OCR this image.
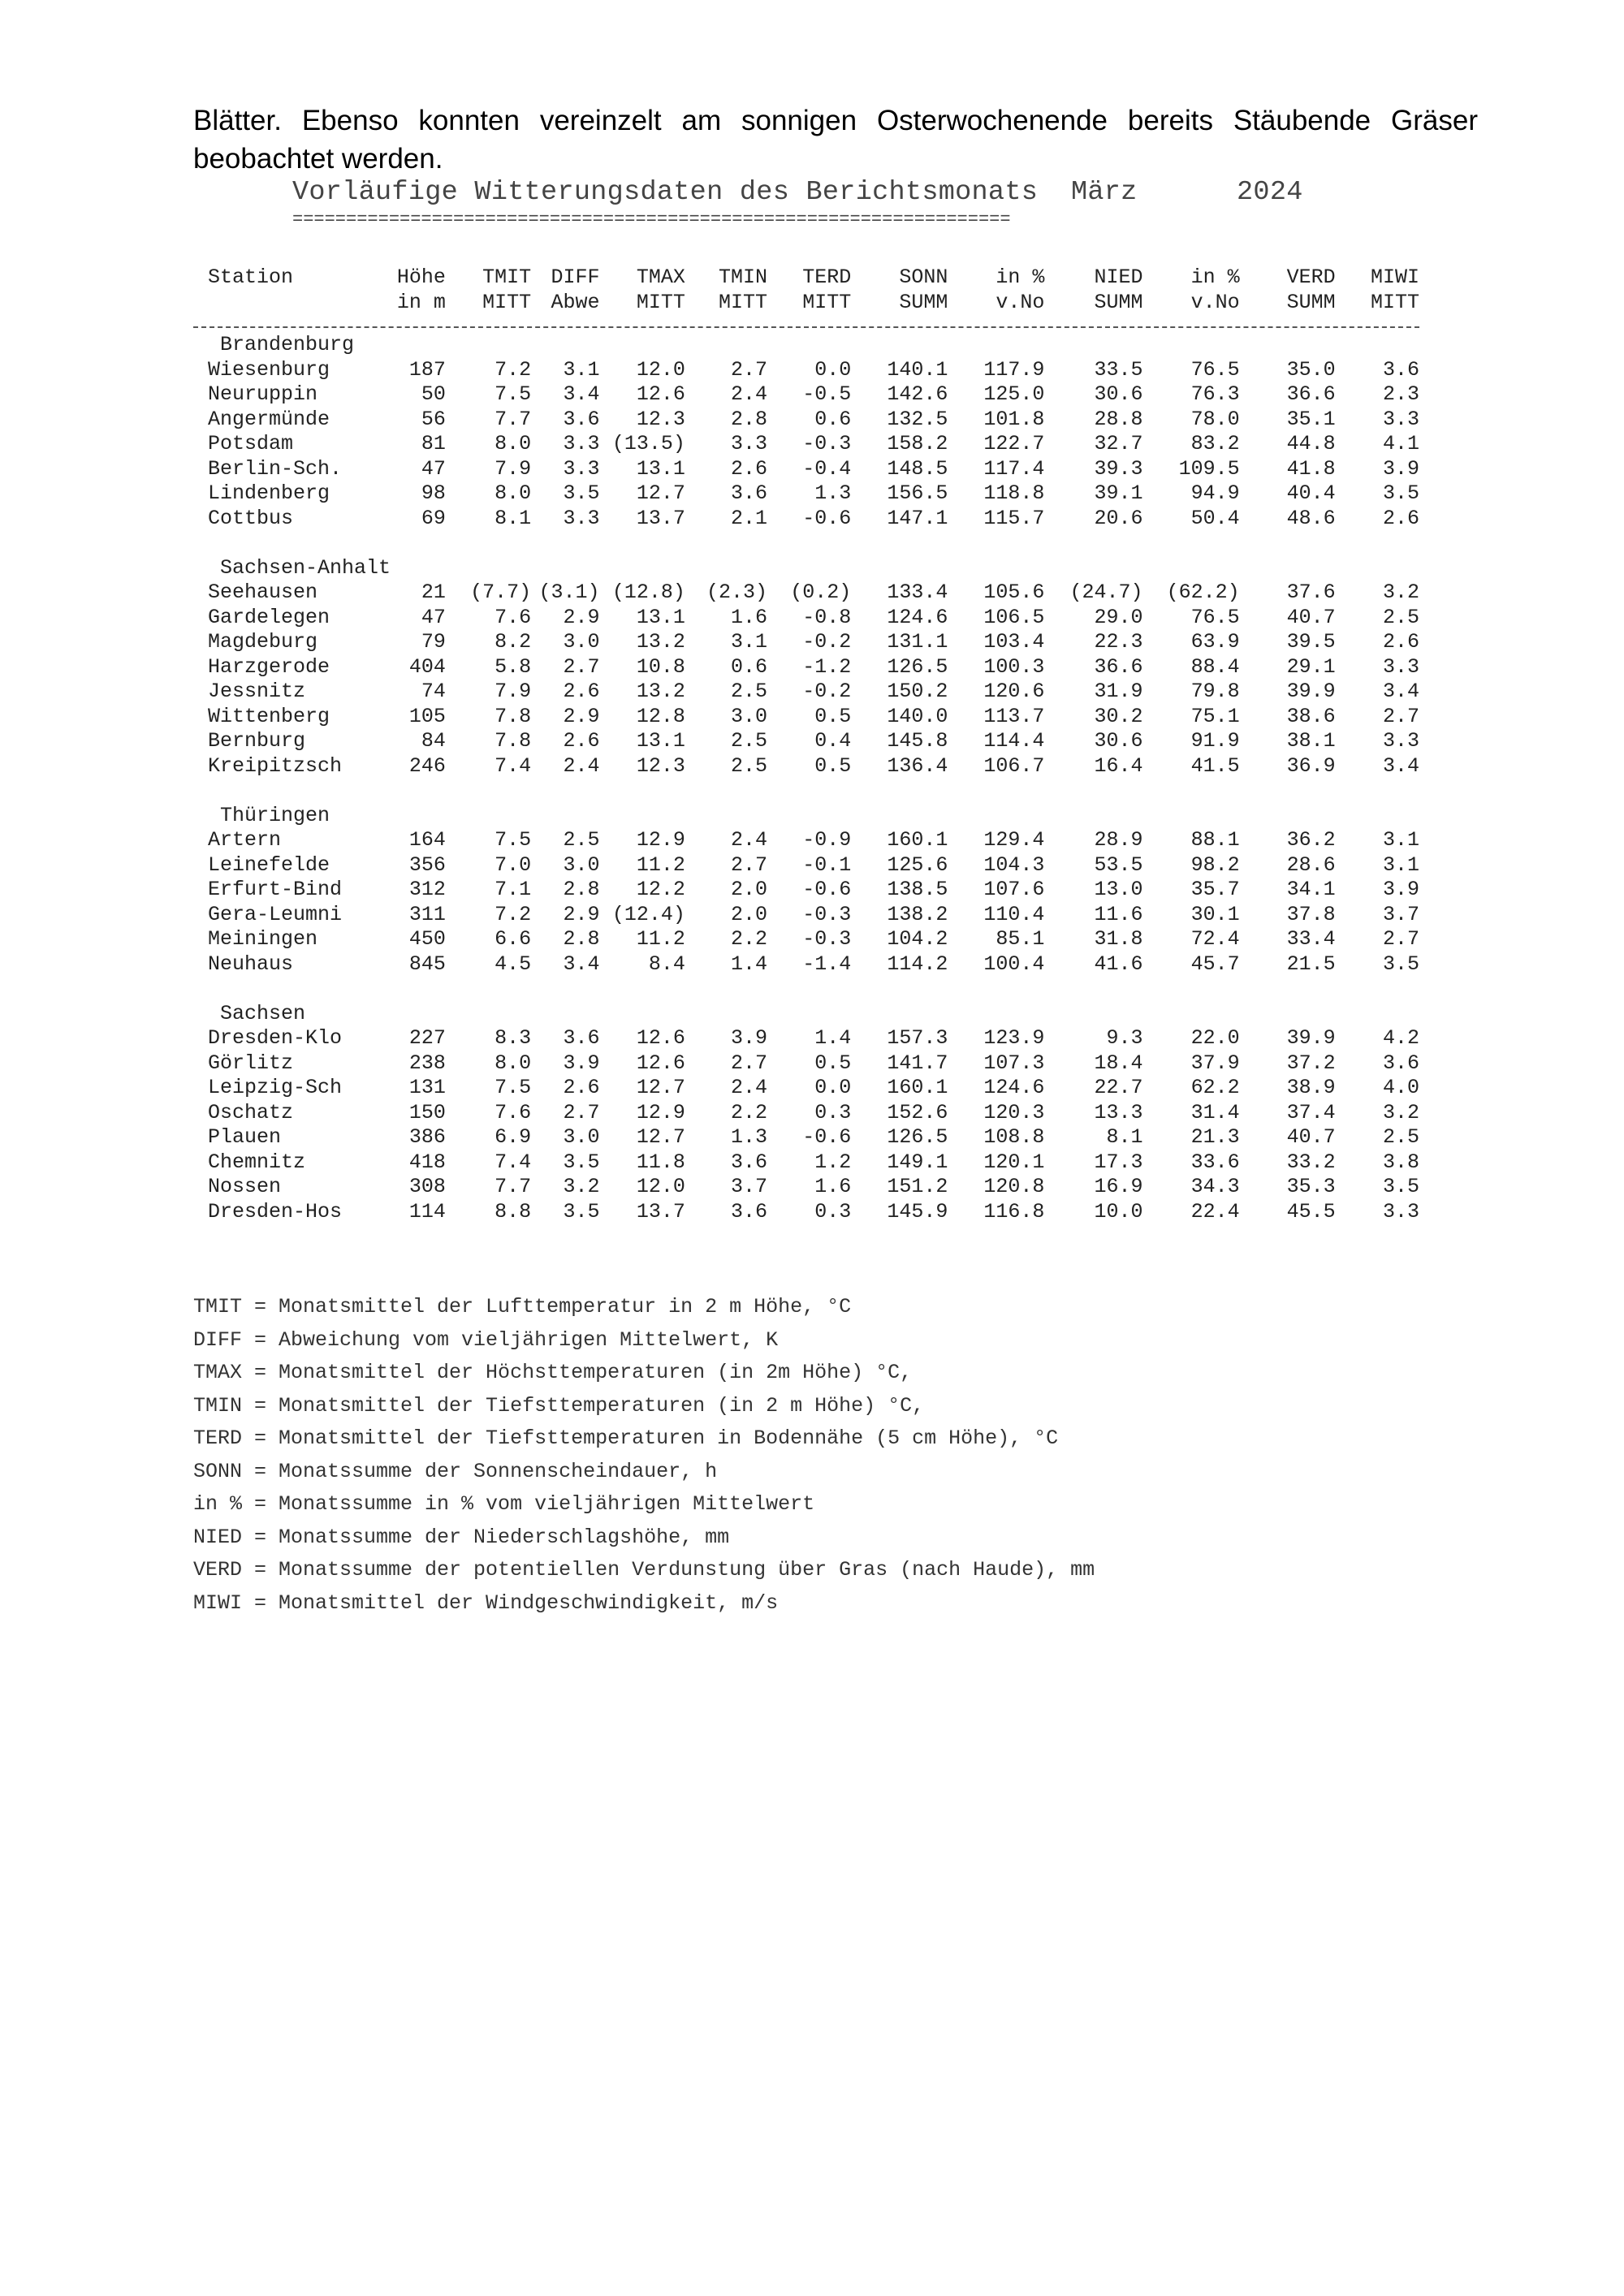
Blätter. Ebenso konnten vereinzelt am sonnigen Osterwochenende bereits Stäubende Gräser beobachtet werden.

Vorläufige Witterungsdaten des Berichtsmonats März	2024
===================================================================
Station	Höhe	TMIT	DIFF	TMAX	TMIN	TERD	SONN	in %	NIED	in %	VERD	MIWI
	in m	MITT	Abwe	MITT	MITT	MITT	SUMM	v.No	SUMM	v.No	SUMM	MITT

Brandenburg												
Wiesenburg	187	7.2	3.1	12.0	2.7	0.0	140.1	117.9	33.5	76.5	35.0	3.6
Neuruppin	50	7.5	3.4	12.6	2.4	-0.5	142.6	125.0	30.6	76.3	36.6	2.3
Angermünde	56	7.7	3.6	12.3	2.8	0.6	132.5	101.8	28.8	78.0	35.1	3.3
Potsdam	81	8.0	3.3	(13.5)	3.3	-0.3	158.2	122.7	32.7	83.2	44.8	4.1
Berlin-Sch.	47	7.9	3.3	13.1	2.6	-0.4	148.5	117.4	39.3	109.5	41.8	3.9
Lindenberg	98	8.0	3.5	12.7	3.6	1.3	156.5	118.8	39.1	94.9	40.4	3.5
Cottbus	69	8.1	3.3	13.7	2.1	-0.6	147.1	115.7	20.6	50.4	48.6	2.6

Sachsen-Anhalt												
Seehausen	21	(7.7)	(3.1)	(12.8)	(2.3)	(0.2)	133.4	105.6	(24.7)	(62.2)	37.6	3.2
Gardelegen	47	7.6	2.9	13.1	1.6	-0.8	124.6	106.5	29.0	76.5	40.7	2.5
Magdeburg	79	8.2	3.0	13.2	3.1	-0.2	131.1	103.4	22.3	63.9	39.5	2.6
Harzgerode	404	5.8	2.7	10.8	0.6	-1.2	126.5	100.3	36.6	88.4	29.1	3.3
Jessnitz	74	7.9	2.6	13.2	2.5	-0.2	150.2	120.6	31.9	79.8	39.9	3.4
Wittenberg	105	7.8	2.9	12.8	3.0	0.5	140.0	113.7	30.2	75.1	38.6	2.7
Bernburg	84	7.8	2.6	13.1	2.5	0.4	145.8	114.4	30.6	91.9	38.1	3.3
Kreipitzsch	246	7.4	2.4	12.3	2.5	0.5	136.4	106.7	16.4	41.5	36.9	3.4

Thüringen												
Artern	164	7.5	2.5	12.9	2.4	-0.9	160.1	129.4	28.9	88.1	36.2	3.1
Leinefelde	356	7.0	3.0	11.2	2.7	-0.1	125.6	104.3	53.5	98.2	28.6	3.1
Erfurt-Bind	312	7.1	2.8	12.2	2.0	-0.6	138.5	107.6	13.0	35.7	34.1	3.9
Gera-Leumni	311	7.2	2.9	(12.4)	2.0	-0.3	138.2	110.4	11.6	30.1	37.8	3.7
Meiningen	450	6.6	2.8	11.2	2.2	-0.3	104.2	85.1	31.8	72.4	33.4	2.7
Neuhaus	845	4.5	3.4	8.4	1.4	-1.4	114.2	100.4	41.6	45.7	21.5	3.5

Sachsen												
Dresden-Klo	227	8.3	3.6	12.6	3.9	1.4	157.3	123.9	9.3	22.0	39.9	4.2
Görlitz	238	8.0	3.9	12.6	2.7	0.5	141.7	107.3	18.4	37.9	37.2	3.6
Leipzig-Sch	131	7.5	2.6	12.7	2.4	0.0	160.1	124.6	22.7	62.2	38.9	4.0
Oschatz	150	7.6	2.7	12.9	2.2	0.3	152.6	120.3	13.3	31.4	37.4	3.2
Plauen	386	6.9	3.0	12.7	1.3	-0.6	126.5	108.8	8.1	21.3	40.7	2.5
Chemnitz	418	7.4	3.5	11.8	3.6	1.2	149.1	120.1	17.3	33.6	33.2	3.8
Nossen	308	7.7	3.2	12.0	3.7	1.6	151.2	120.8	16.9	34.3	35.3	3.5
Dresden-Hos	114	8.8	3.5	13.7	3.6	0.3	145.9	116.8	10.0	22.4	45.5	3.3
TMIT = Monatsmittel der Lufttemperatur in 2 m Höhe, °C
DIFF = Abweichung vom vieljährigen Mittelwert, K
TMAX = Monatsmittel der Höchsttemperaturen (in 2m Höhe) °C,
TMIN = Monatsmittel der Tiefsttemperaturen (in 2 m Höhe) °C,
TERD = Monatsmittel der Tiefsttemperaturen in Bodennähe (5 cm Höhe), °C
SONN = Monatssumme der Sonnenscheindauer, h
in % = Monatssumme in % vom vieljährigen Mittelwert
NIED = Monatssumme der Niederschlagshöhe, mm
VERD = Monatssumme der potentiellen Verdunstung über Gras (nach Haude), mm
MIWI = Monatsmittel der Windgeschwindigkeit, m/s
